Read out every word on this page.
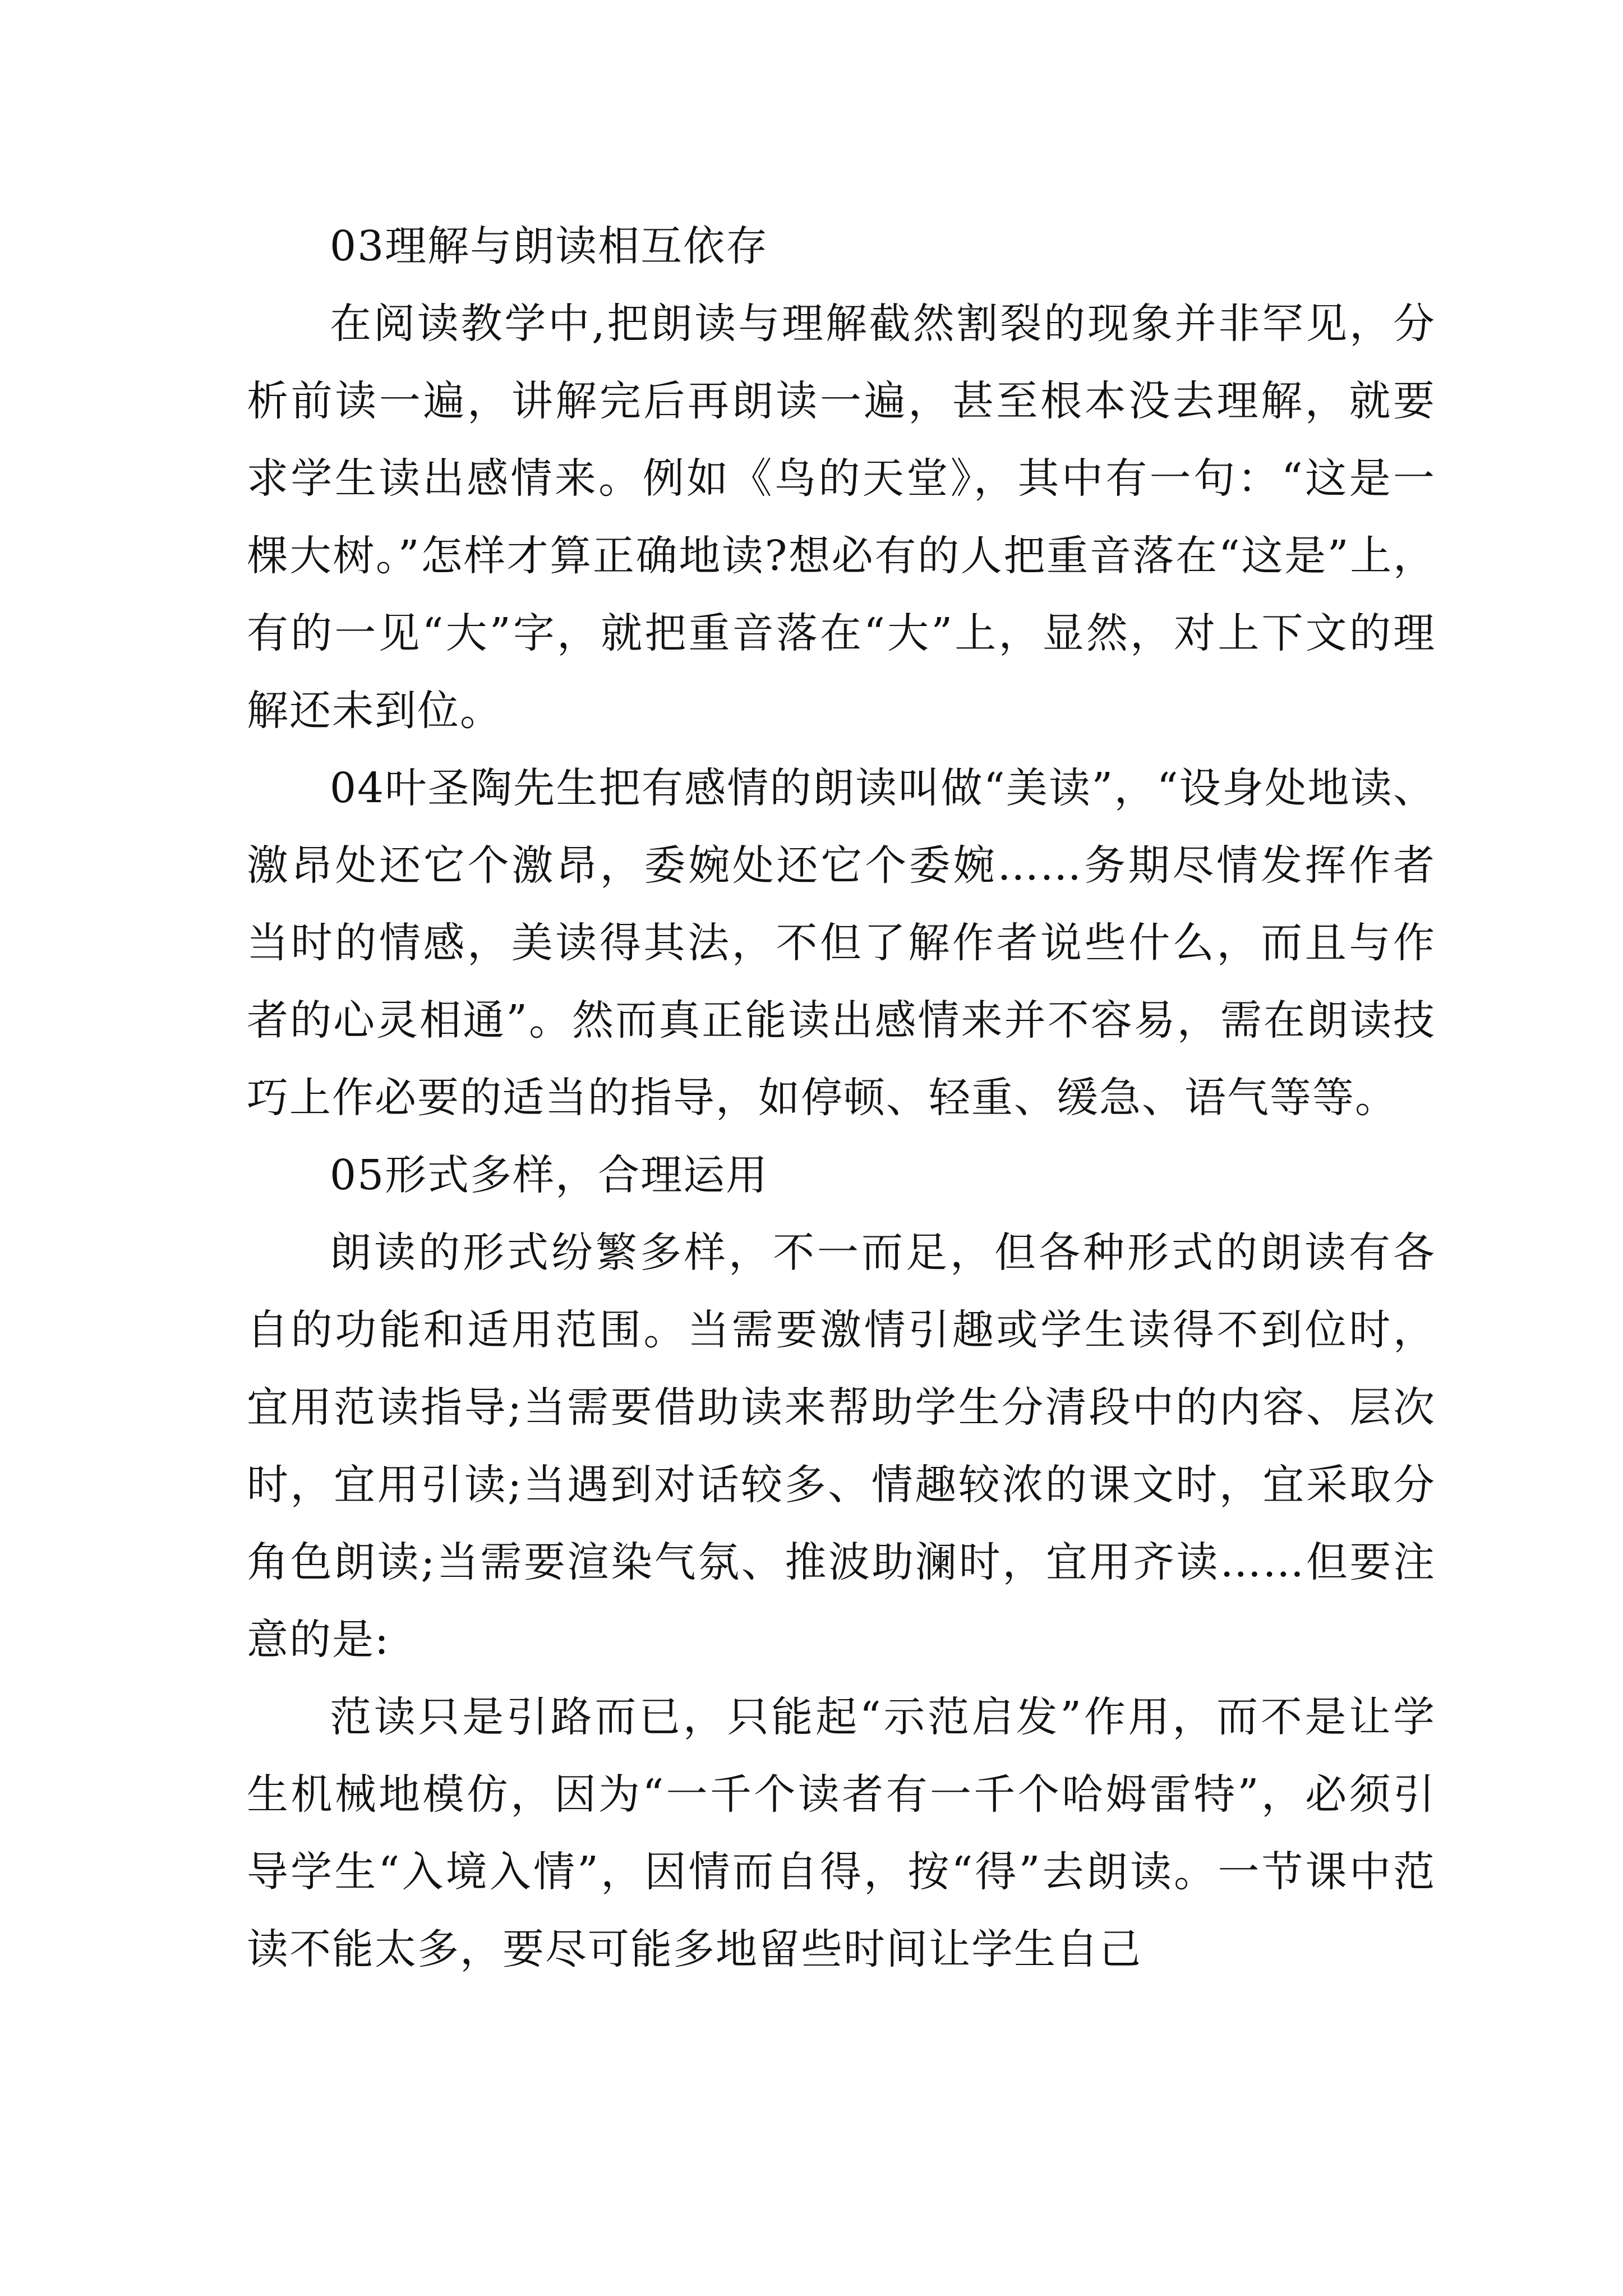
03理解与朗读相互依存

在阅读教学中,把朗读与理解截然割裂的现象并非罕见，分析前读一遍，讲解完后再朗读一遍，甚至根本没去理解，就要求学生读出感情来。例如《鸟的天堂》，其中有一句：“这是一棵大树。”怎样才算正确地读?想必有的人把重音落在“这是”上，有的一见“大”字，就把重音落在“大”上，显然，对上下文的理解还未到位。

04叶圣陶先生把有感情的朗读叫做“美读”，“设身处地读、激昂处还它个激昂，委婉处还它个委婉……务期尽情发挥作者当时的情感，美读得其法，不但了解作者说些什么，而且与作者的心灵相通”。然而真正能读出感情来并不容易，需在朗读技巧上作必要的适当的指导，如停顿、轻重、缓急、语气等等。

05形式多样，合理运用

朗读的形式纷繁多样，不一而足，但各种形式的朗读有各自的功能和适用范围。当需要激情引趣或学生读得不到位时，宜用范读指导;当需要借助读来帮助学生分清段中的内容、层次时，宜用引读;当遇到对话较多、情趣较浓的课文时，宜采取分角色朗读;当需要渲染气氛、推波助澜时，宜用齐读……但要注意的是:

范读只是引路而已，只能起“示范启发”作用，而不是让学生机械地模仿，因为“一千个读者有一千个哈姆雷特”，必须引导学生“入境入情”，因情而自得，按“得”去朗读。一节课中范读不能太多，要尽可能多地留些时间让学生自己
